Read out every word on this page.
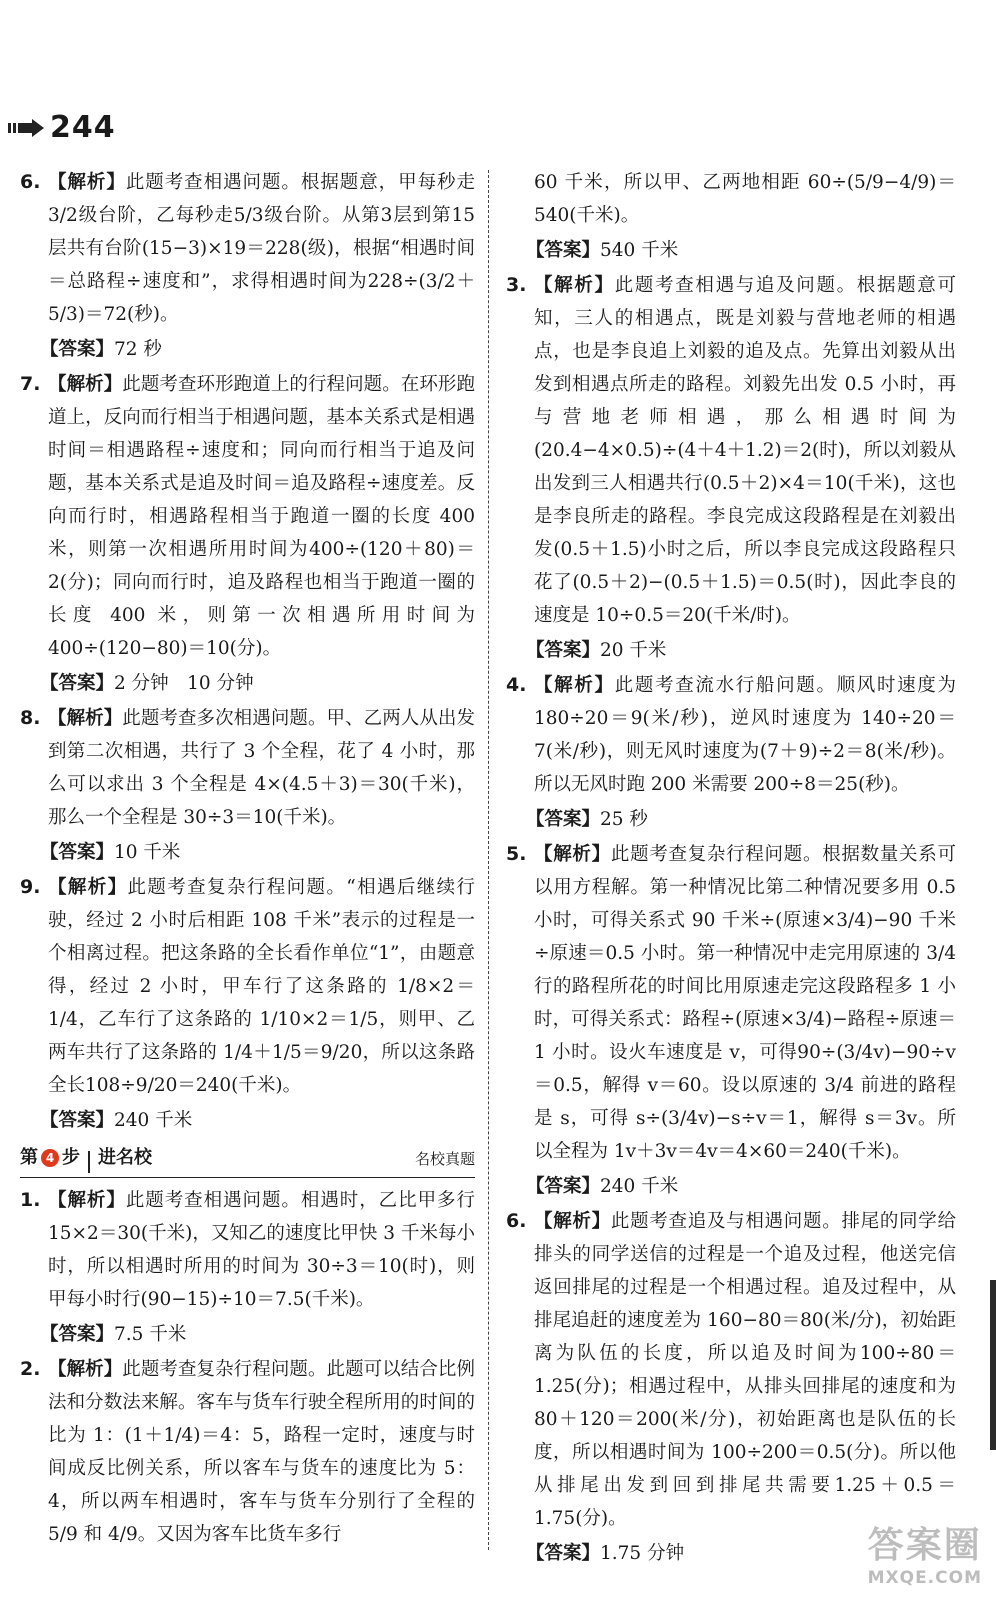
244
6. 【解析】此题考查相遇问题。根据题意，甲每秒走3/2级台阶，乙每秒走5/3级台阶。从第3层到第15层共有台阶(15−3)×19＝228(级)，根据“相遇时间＝总路程÷速度和”，求得相遇时间为228÷(3/2＋5/3)＝72(秒)。
【答案】72 秒
7. 【解析】此题考查环形跑道上的行程问题。在环形跑道上，反向而行相当于相遇问题，基本关系式是相遇时间＝相遇路程÷速度和；同向而行相当于追及问题，基本关系式是追及时间＝追及路程÷速度差。反向而行时，相遇路程相当于跑道一圈的长度 400 米，则第一次相遇所用时间为400÷(120＋80)＝2(分)；同向而行时，追及路程也相当于跑道一圈的长度 400 米，则第一次相遇所用时间为 400÷(120−80)＝10(分)。
【答案】2 分钟　10 分钟
8. 【解析】此题考查多次相遇问题。甲、乙两人从出发到第二次相遇，共行了 3 个全程，花了 4 小时，那么可以求出 3 个全程是 4×(4.5＋3)＝30(千米)，那么一个全程是 30÷3＝10(千米)。
【答案】10 千米
9. 【解析】此题考查复杂行程问题。“相遇后继续行驶，经过 2 小时后相距 108 千米”表示的过程是一个相离过程。把这条路的全长看作单位“1”，由题意得，经过 2 小时，甲车行了这条路的 1/8×2＝1/4，乙车行了这条路的 1/10×2＝1/5，则甲、乙两车共行了这条路的 1/4＋1/5＝9/20，所以这条路全长108÷9/20＝240(千米)。
【答案】240 千米
第 4 步 进名校	名校真题
1. 【解析】此题考查相遇问题。相遇时，乙比甲多行15×2＝30(千米)，又知乙的速度比甲快 3 千米每小时，所以相遇时所用的时间为 30÷3＝10(时)，则甲每小时行(90−15)÷10＝7.5(千米)。
【答案】7.5 千米
2. 【解析】此题考查复杂行程问题。此题可以结合比例法和分数法来解。客车与货车行驶全程所用的时间的比为 1：(1＋1/4)＝4：5，路程一定时，速度与时间成反比例关系，所以客车与货车的速度比为 5：4，所以两车相遇时，客车与货车分别行了全程的 5/9 和 4/9。又因为客车比货车多行
60 千米，所以甲、乙两地相距 60÷(5/9−4/9)＝540(千米)。
【答案】540 千米
3. 【解析】此题考查相遇与追及问题。根据题意可知，三人的相遇点，既是刘毅与营地老师的相遇点，也是李良追上刘毅的追及点。先算出刘毅从出发到相遇点所走的路程。刘毅先出发 0.5 小时，再与营地老师相遇，那么相遇时间为(20.4−4×0.5)÷(4＋4＋1.2)＝2(时)，所以刘毅从出发到三人相遇共行(0.5＋2)×4＝10(千米)，这也是李良所走的路程。李良完成这段路程是在刘毅出发(0.5＋1.5)小时之后，所以李良完成这段路程只花了(0.5＋2)−(0.5＋1.5)＝0.5(时)，因此李良的速度是 10÷0.5＝20(千米/时)。
【答案】20 千米
4. 【解析】此题考查流水行船问题。顺风时速度为180÷20＝9(米/秒)，逆风时速度为 140÷20＝7(米/秒)，则无风时速度为(7＋9)÷2＝8(米/秒)。所以无风时跑 200 米需要 200÷8＝25(秒)。
【答案】25 秒
5. 【解析】此题考查复杂行程问题。根据数量关系可以用方程解。第一种情况比第二种情况要多用 0.5 小时，可得关系式 90 千米÷(原速×3/4)−90 千米÷原速＝0.5 小时。第一种情况中走完用原速的 3/4 行的路程所花的时间比用原速走完这段路程多 1 小时，可得关系式：路程÷(原速×3/4)−路程÷原速＝1 小时。设火车速度是 v，可得90÷(3/4v)−90÷v＝0.5，解得 v＝60。设以原速的 3/4 前进的路程是 s，可得 s÷(3/4v)−s÷v＝1，解得 s＝3v。所以全程为 1v＋3v＝4v＝4×60＝240(千米)。
【答案】240 千米
6. 【解析】此题考查追及与相遇问题。排尾的同学给排头的同学送信的过程是一个追及过程，他送完信返回排尾的过程是一个相遇过程。追及过程中，从排尾追赶的速度差为 160−80＝80(米/分)，初始距离为队伍的长度，所以追及时间为100÷80＝1.25(分)；相遇过程中，从排头回排尾的速度和为 80＋120＝200(米/分)，初始距离也是队伍的长度，所以相遇时间为 100÷200＝0.5(分)。所以他从排尾出发到回到排尾共需要1.25＋0.5＝1.75(分)。
【答案】1.75 分钟	答案圈
MXQE.COM
